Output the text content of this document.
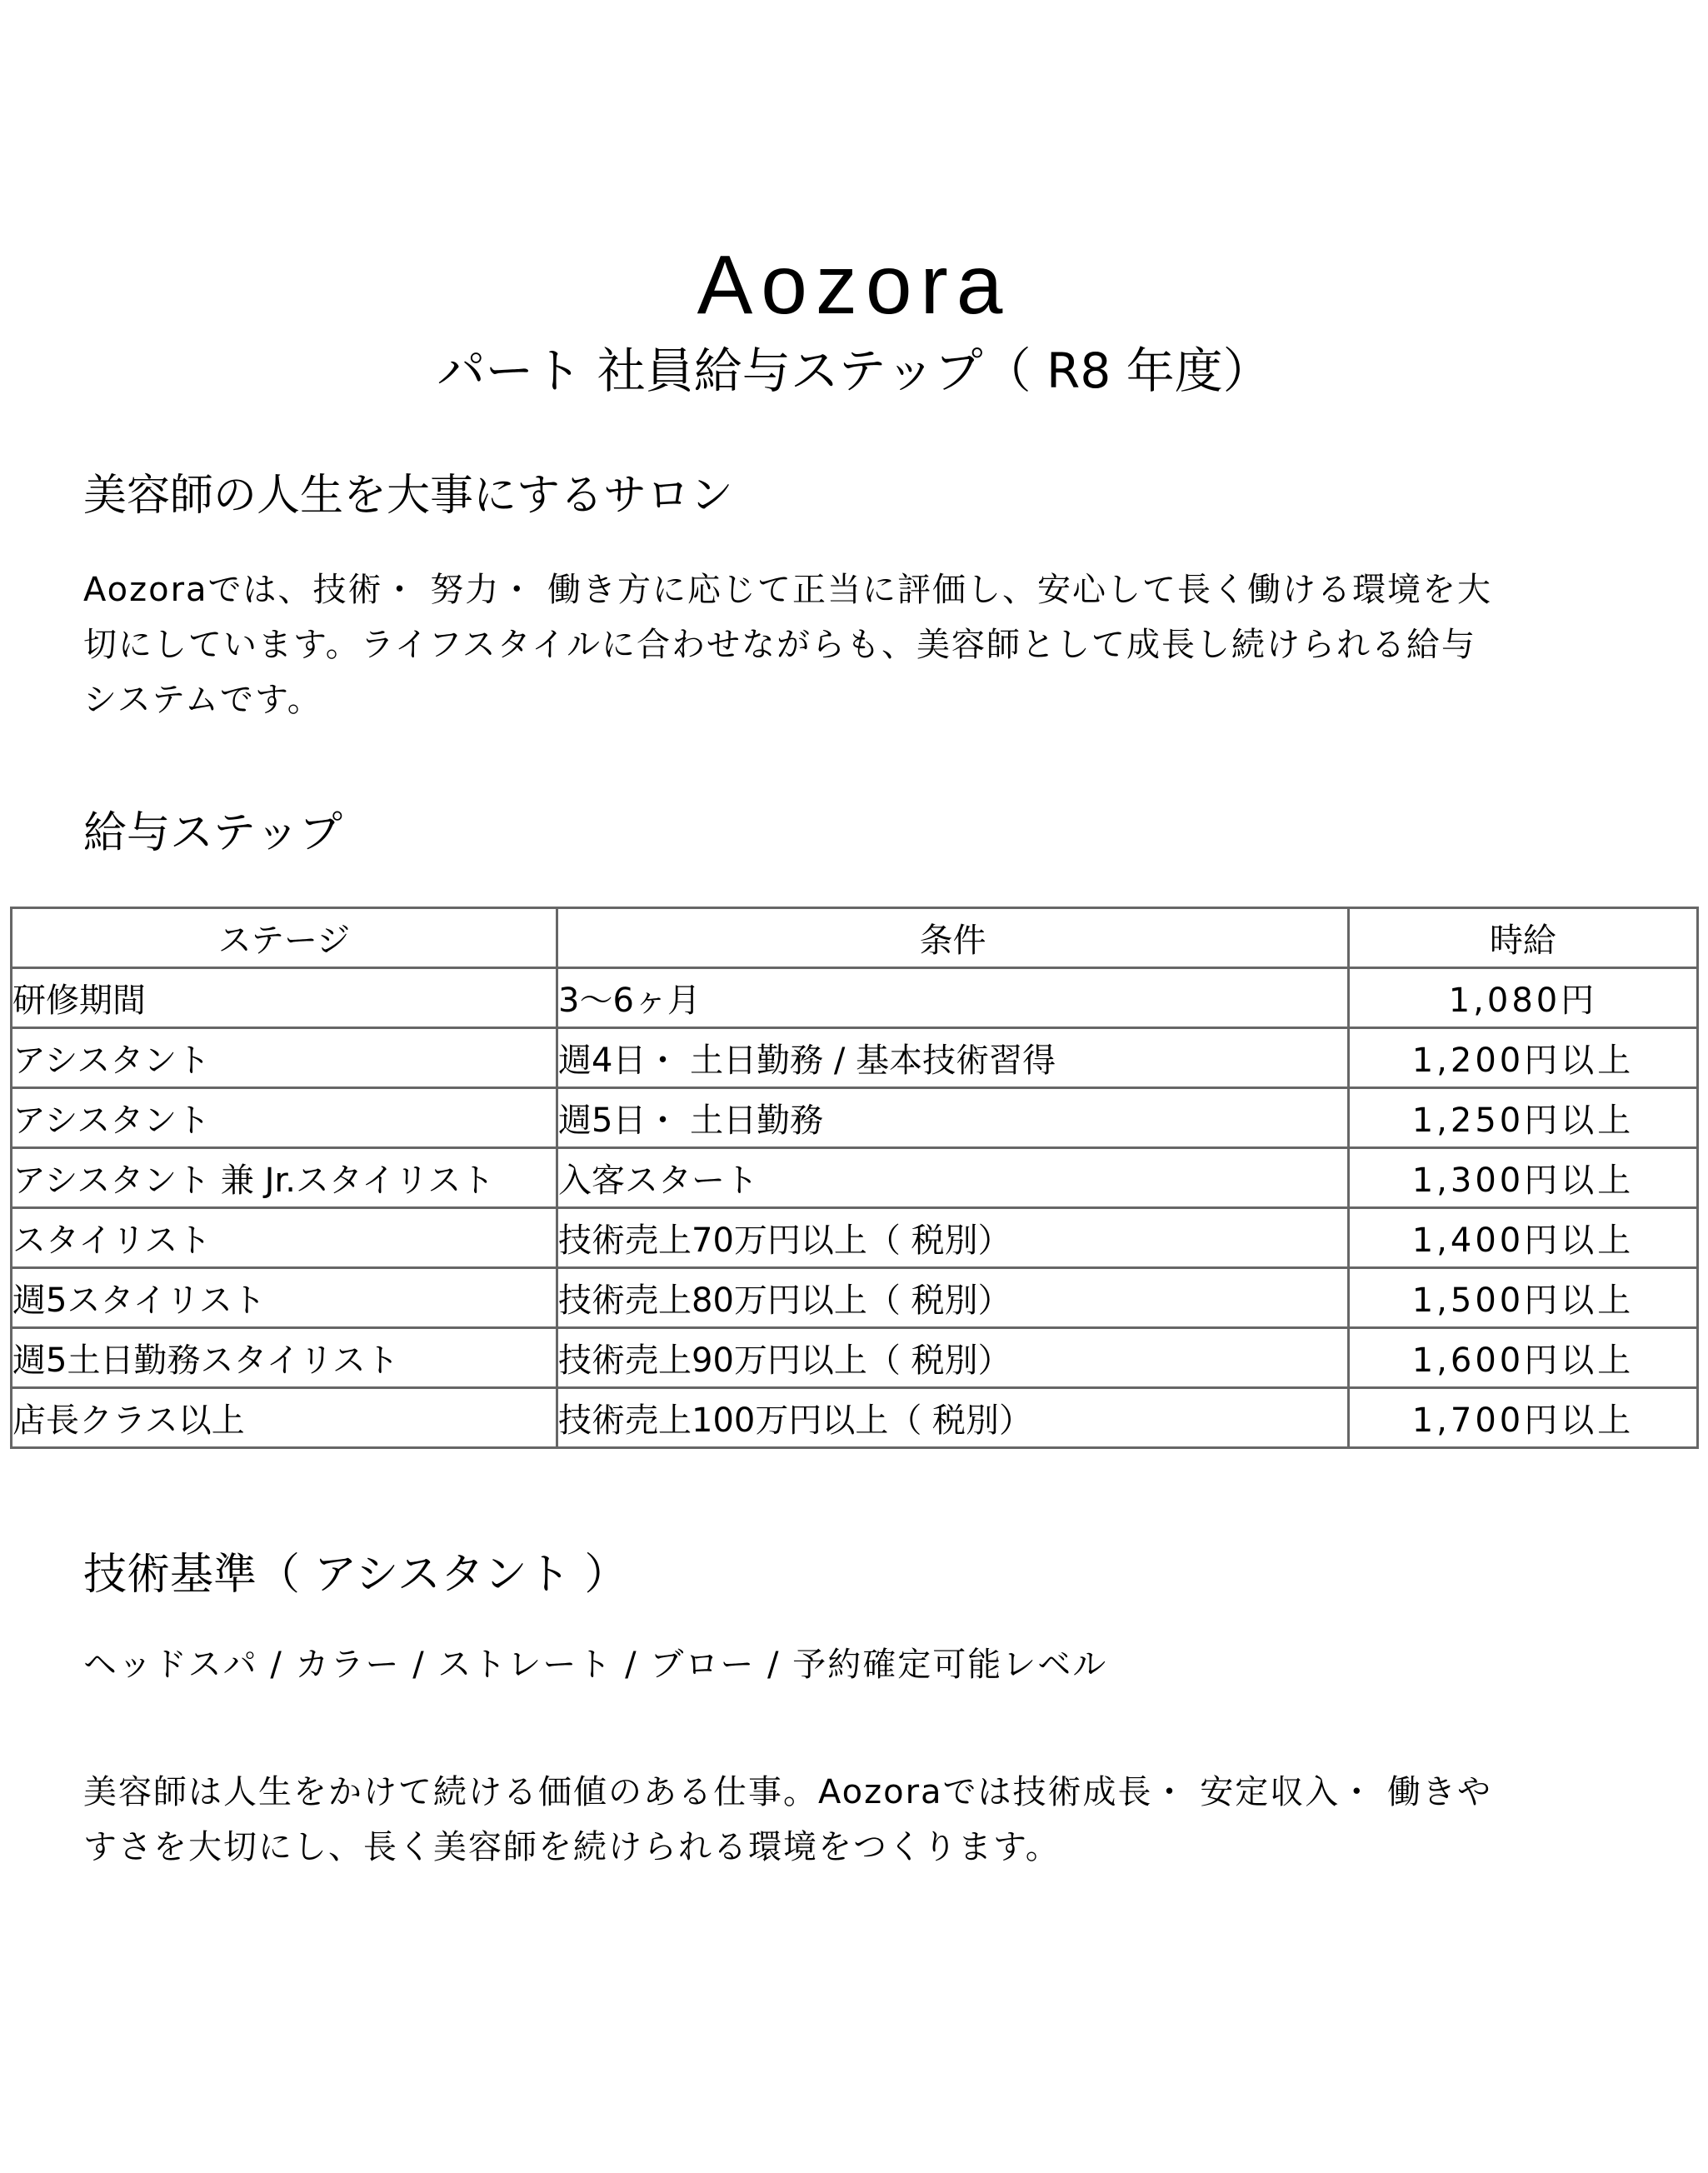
Aozora
パート 社員給与ステップ（ R8 年度）
美容師の人生を大事にするサロン
Aozoraでは、技術・ 努力・ 働き方に応じて正当に評価し、安心して長く働ける環境を大
切にしています。ライフスタイルに合わせながらも、美容師として成長し続けられる給与
システムです。
給与ステップ
ステージ	条件	時給
研修期間	3～6ヶ月	1,080円
アシスタント	週4日・ 土日勤務 / 基本技術習得	1,200円以上
アシスタント	週5日・ 土日勤務	1,250円以上
アシスタント 兼 Jr.スタイリスト	入客スタート	1,300円以上
スタイリスト	技術売上70万円以上（ 税別）	1,400円以上
週5スタイリスト	技術売上80万円以上（ 税別）	1,500円以上
週5土日勤務スタイリスト	技術売上90万円以上（ 税別）	1,600円以上
店長クラス以上	技術売上100万円以上（ 税別）	1,700円以上
技術基準（ アシスタント ）
ヘッドスパ / カラー / ストレート / ブロー / 予約確定可能レベル
美容師は人生をかけて続ける価値のある仕事。Aozoraでは技術成長・ 安定収入・ 働きや
すさを大切にし、長く美容師を続けられる環境をつくります。
